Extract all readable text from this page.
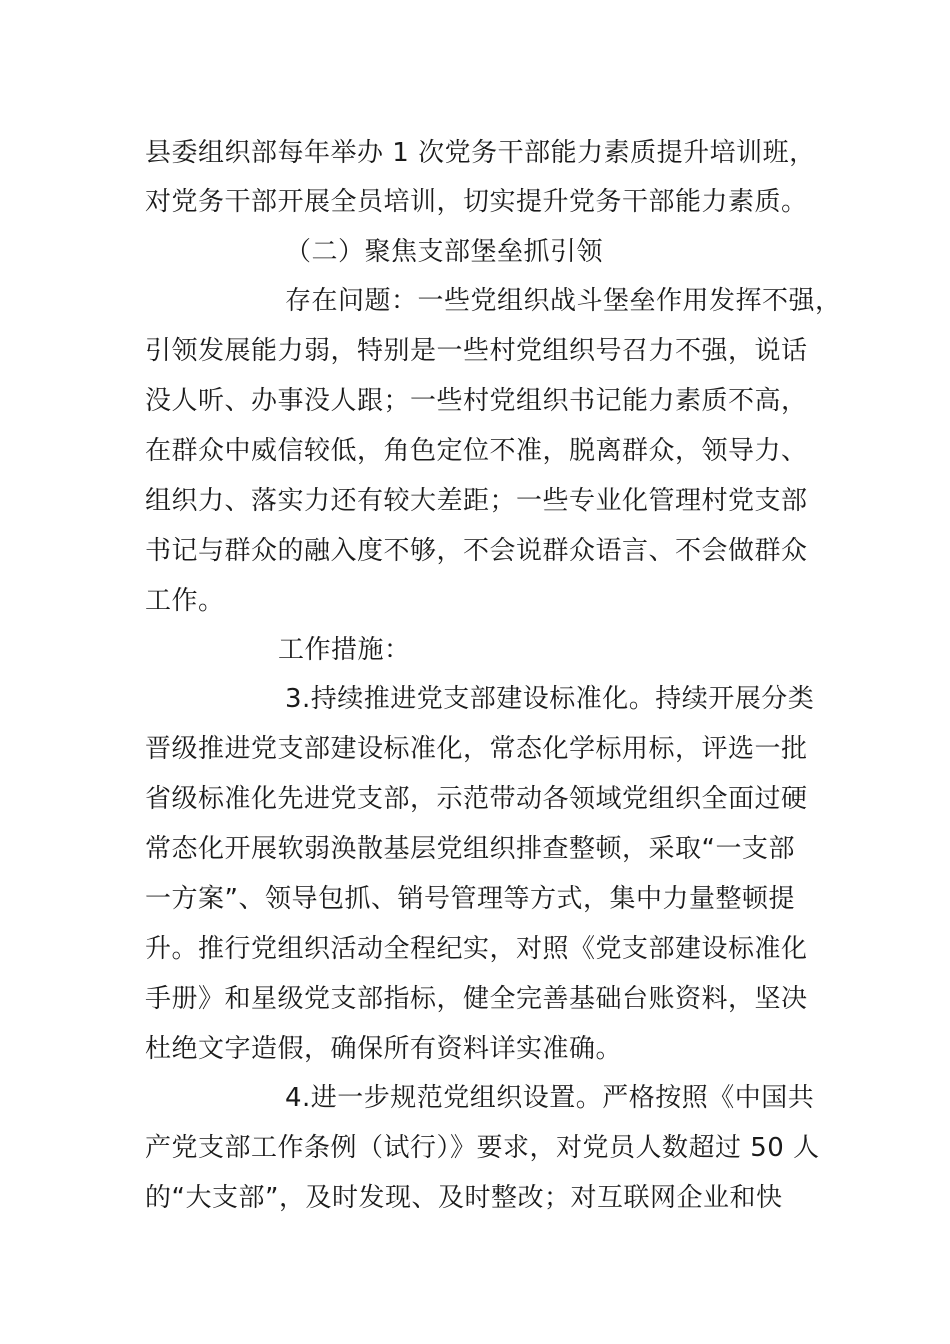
县委组织部每年举办 1 次党务干部能力素质提升培训班，
对党务干部开展全员培训，切实提升党务干部能力素质。
（二）聚焦支部堡垒抓引领
存在问题：一些党组织战斗堡垒作用发挥不强，
引领发展能力弱，特别是一些村党组织号召力不强，说话
没人听、办事没人跟；一些村党组织书记能力素质不高，
在群众中威信较低，角色定位不准，脱离群众，领导力、
组织力、落实力还有较大差距；一些专业化管理村党支部
书记与群众的融入度不够，不会说群众语言、不会做群众
工作。
工作措施：
3.持续推进党支部建设标准化。持续开展分类
晋级推进党支部建设标准化，常态化学标用标，评选一批
省级标准化先进党支部，示范带动各领域党组织全面过硬
常态化开展软弱涣散基层党组织排查整顿，采取“一支部
一方案”、领导包抓、销号管理等方式，集中力量整顿提
升。推行党组织活动全程纪实，对照《党支部建设标准化
手册》和星级党支部指标，健全完善基础台账资料，坚决
杜绝文字造假，确保所有资料详实准确。
4.进一步规范党组织设置。严格按照《中国共
产党支部工作条例（试行）》要求，对党员人数超过 50 人
的“大支部”，及时发现、及时整改；对互联网企业和快
